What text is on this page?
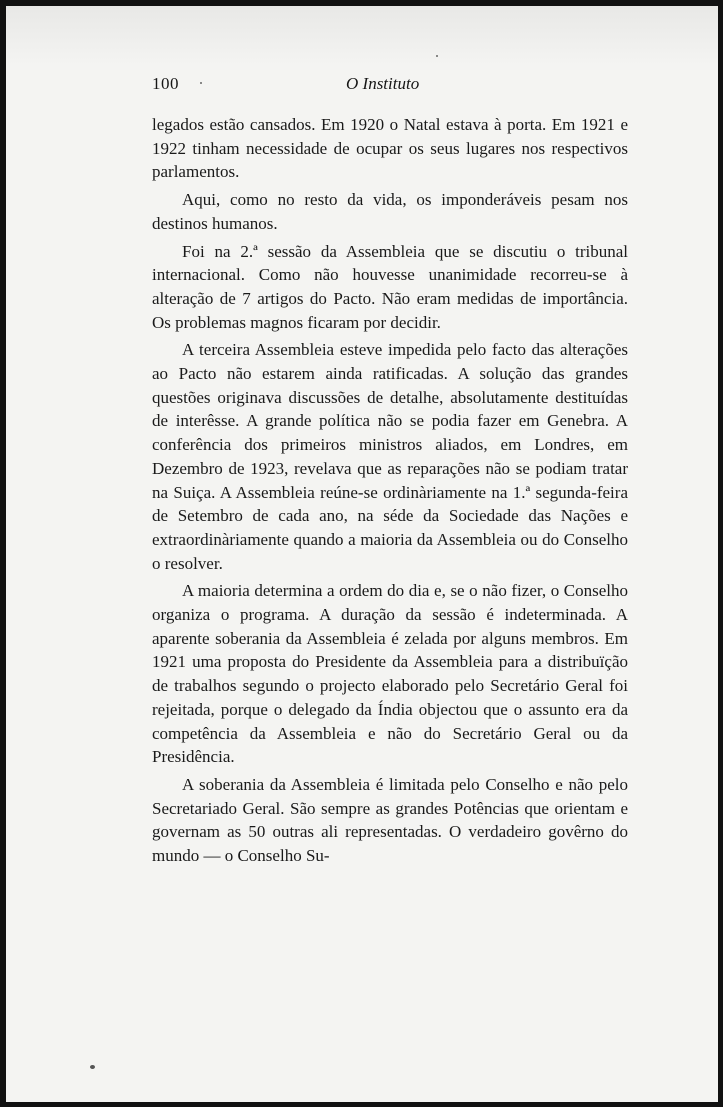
100	O Instituto

legados estão cansados. Em 1920 o Natal estava à porta. Em 1921 e 1922 tinham necessidade de ocupar os seus lugares nos respectivos parlamentos.

Aqui, como no resto da vida, os imponderáveis pesam nos destinos humanos.

Foi na 2.ª sessão da Assembleia que se discutiu o tribunal internacional. Como não houvesse unanimidade recorreu-se à alteração de 7 artigos do Pacto. Não eram medidas de importância. Os problemas magnos ficaram por decidir.

A terceira Assembleia esteve impedida pelo facto das alterações ao Pacto não estarem ainda ratificadas. A solução das grandes questões originava discussões de detalhe, absolutamente destituídas de interêsse. A grande política não se podia fazer em Genebra. A conferência dos primeiros ministros aliados, em Londres, em Dezembro de 1923, revelava que as reparações não se podiam tratar na Suiça. A Assembleia reúne-se ordinàriamente na 1.ª segunda-feira de Setembro de cada ano, na séde da Sociedade das Nações e extraordinàriamente quando a maioria da Assembleia ou do Conselho o resolver.

A maioria determina a ordem do dia e, se o não fizer, o Conselho organiza o programa. A duração da sessão é indeterminada. A aparente soberania da Assembleia é zelada por alguns membros. Em 1921 uma proposta do Presidente da Assembleia para a distribuïção de trabalhos segundo o projecto elaborado pelo Secretário Geral foi rejeitada, porque o delegado da Índia objectou que o assunto era da competência da Assembleia e não do Secretário Geral ou da Presidência.

A soberania da Assembleia é limitada pelo Conselho e não pelo Secretariado Geral. São sempre as grandes Potências que orientam e governam as 50 outras ali representadas. O verdadeiro govêrno do mundo — o Conselho Su-
